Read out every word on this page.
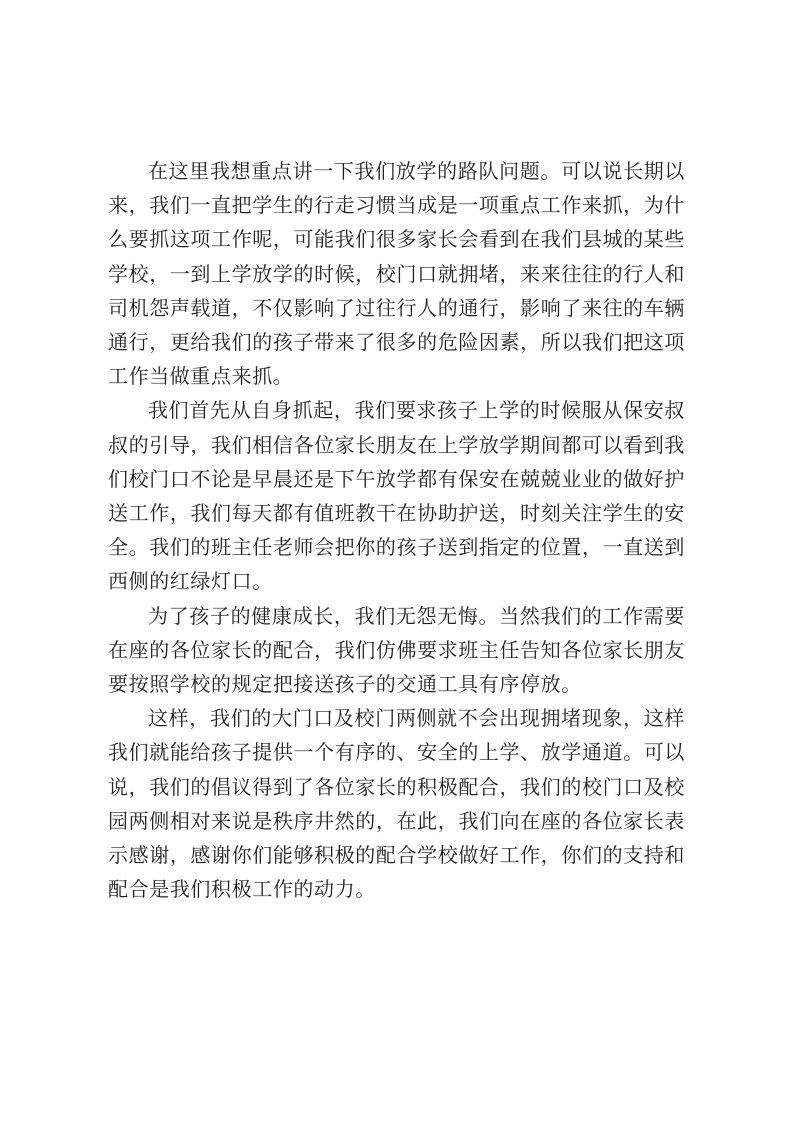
在这里我想重点讲一下我们放学的路队问题。可以说长期以来，我们一直把学生的行走习惯当成是一项重点工作来抓，为什么要抓这项工作呢，可能我们很多家长会看到在我们县城的某些学校，一到上学放学的时候，校门口就拥堵，来来往往的行人和司机怨声载道，不仅影响了过往行人的通行，影响了来往的车辆通行，更给我们的孩子带来了很多的危险因素，所以我们把这项工作当做重点来抓。

我们首先从自身抓起，我们要求孩子上学的时候服从保安叔叔的引导，我们相信各位家长朋友在上学放学期间都可以看到我们校门口不论是早晨还是下午放学都有保安在兢兢业业的做好护送工作，我们每天都有值班教干在协助护送，时刻关注学生的安全。我们的班主任老师会把你的孩子送到指定的位置，一直送到西侧的红绿灯口。

为了孩子的健康成长，我们无怨无悔。当然我们的工作需要在座的各位家长的配合，我们仿佛要求班主任告知各位家长朋友要按照学校的规定把接送孩子的交通工具有序停放。

这样，我们的大门口及校门两侧就不会出现拥堵现象，这样我们就能给孩子提供一个有序的、安全的上学、放学通道。可以说，我们的倡议得到了各位家长的积极配合，我们的校门口及校园两侧相对来说是秩序井然的，在此，我们向在座的各位家长表示感谢，感谢你们能够积极的配合学校做好工作，你们的支持和配合是我们积极工作的动力。
